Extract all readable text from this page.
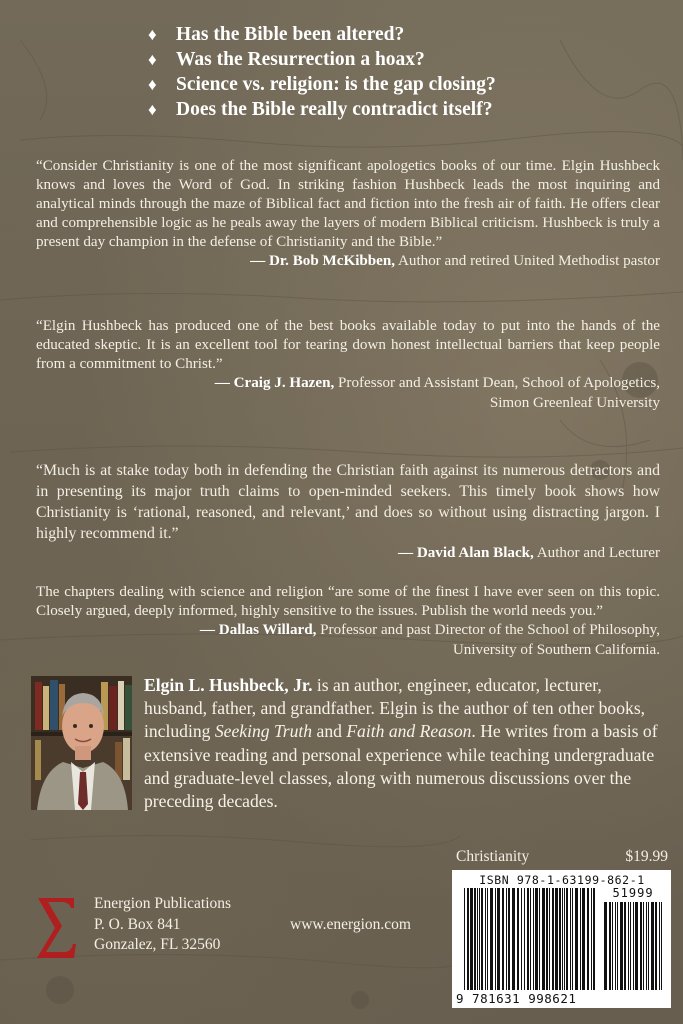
♦ Has the Bible been altered?
♦ Was the Resurrection a hoax?
♦ Science vs. religion: is the gap closing?
♦ Does the Bible really contradict itself?

“Consider Christianity is one of the most significant apologetics books of our time. Elgin Hushbeck knows and loves the Word of God. In striking fashion Hushbeck leads the most inquiring and analytical minds through the maze of Biblical fact and fiction into the fresh air of faith. He offers clear and comprehensible logic as he peals away the layers of modern Biblical criticism. Hushbeck is truly a present day champion in the defense of Christianity and the Bible.”

— Dr. Bob McKibben, Author and retired United Methodist pastor

“Elgin Hushbeck has produced one of the best books available today to put into the hands of the educated skeptic. It is an excellent tool for tearing down honest intellectual barriers that keep people from a commitment to Christ.”

— Craig J. Hazen, Professor and Assistant Dean, School of Apologetics,
Simon Greenleaf University

“Much is at stake today both in defending the Christian faith against its numerous detractors and in presenting its major truth claims to open-minded seekers. This timely book shows how Christianity is ‘rational, reasoned, and relevant,’ and does so without using distracting jargon. I highly recommend it.”

— David Alan Black, Author and Lecturer

The chapters dealing with science and religion “are some of the finest I have ever seen on this topic. Closely argued, deeply informed, highly sensitive to the issues. Publish the world needs you.”

— Dallas Willard, Professor and past Director of the School of Philosophy,
University of Southern California.
Elgin L. Hushbeck, Jr. is an author, engineer, educator, lecturer, husband, father, and grandfather. Elgin is the author of ten other books, including Seeking Truth and Faith and Reason. He writes from a basis of extensive reading and personal experience while teaching undergraduate and graduate-level classes, along with numerous discussions over the preceding decades.
Energion Publications
P. O. Box 841
Gonzalez, FL 32560
www.energion.com
Christianity	$19.99
ISBN 978-1-63199-862-1
51999
9 781631 998621
